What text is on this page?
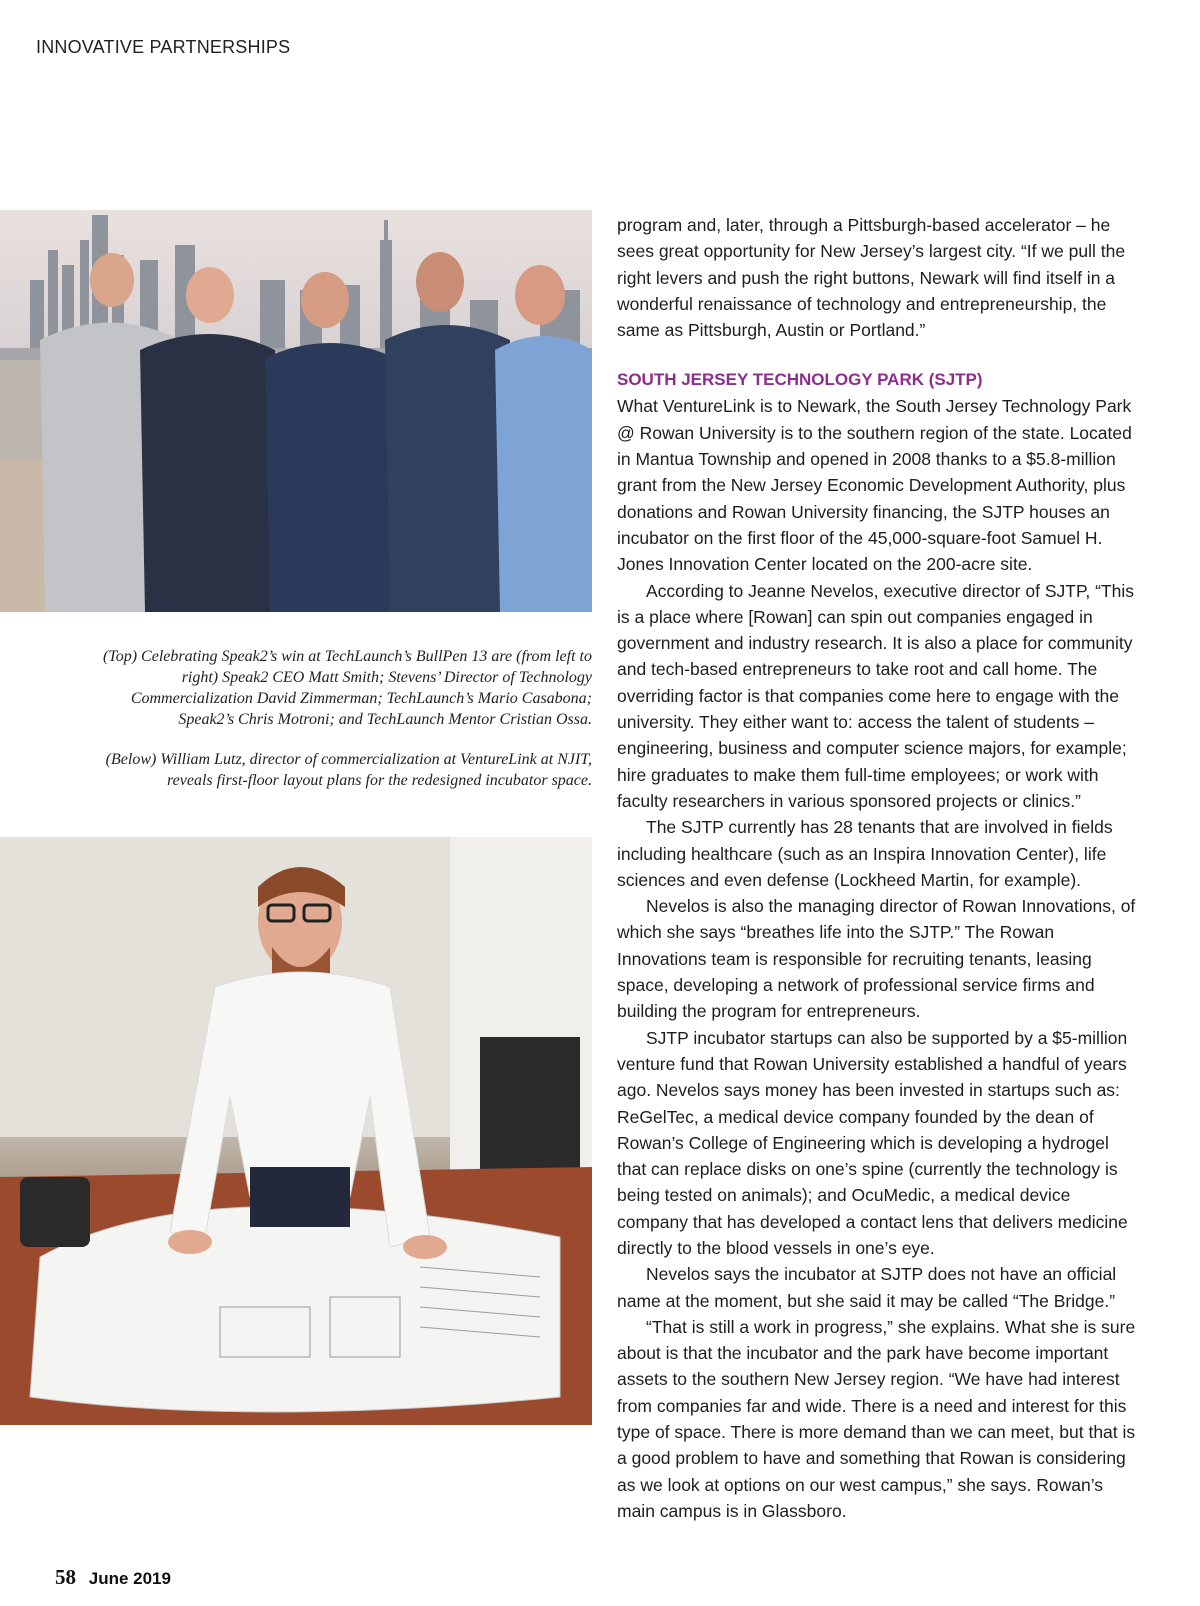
INNOVATIVE PARTNERSHIPS

(Top) Celebrating Speak2’s win at TechLaunch’s BullPen 13 are (from left to right) Speak2 CEO Matt Smith; Stevens’ Director of Technology Commercialization David Zimmerman; TechLaunch’s Mario Casabona; Speak2’s Chris Motroni; and TechLaunch Mentor Cristian Ossa.

(Below) William Lutz, director of commercialization at VentureLink at NJIT, reveals first-floor layout plans for the redesigned incubator space.

program and, later, through a Pittsburgh-based accelerator – he sees great opportunity for New Jersey’s largest city. “If we pull the right levers and push the right buttons, Newark will find itself in a wonderful renaissance of technology and entrepreneurship, the same as Pittsburgh, Austin or Portland.”

SOUTH JERSEY TECHNOLOGY PARK (SJTP)

What VentureLink is to Newark, the South Jersey Technology Park @ Rowan University is to the southern region of the state. Located in Mantua Township and opened in 2008 thanks to a $5.8-million grant from the New Jersey Economic Development Authority, plus donations and Rowan University financing, the SJTP houses an incubator on the first floor of the 45,000-square-foot Samuel H. Jones Innovation Center located on the 200-acre site.

According to Jeanne Nevelos, executive director of SJTP, “This is a place where [Rowan] can spin out companies engaged in government and industry research. It is also a place for community and tech-based entrepreneurs to take root and call home. The overriding factor is that companies come here to engage with the university. They either want to: access the talent of students – engineering, business and computer science majors, for example; hire graduates to make them full-time employees; or work with faculty researchers in various sponsored projects or clinics.”

The SJTP currently has 28 tenants that are involved in fields including healthcare (such as an Inspira Innovation Center), life sciences and even defense (Lockheed Martin, for example).

Nevelos is also the managing director of Rowan Innovations, of which she says “breathes life into the SJTP.” The Rowan Innovations team is responsible for recruiting tenants, leasing space, developing a network of professional service firms and building the program for entrepreneurs.

SJTP incubator startups can also be supported by a $5-million venture fund that Rowan University established a handful of years ago. Nevelos says money has been invested in startups such as: ReGelTec, a medical device company founded by the dean of Rowan’s College of Engineering which is developing a hydrogel that can replace disks on one’s spine (currently the technology is being tested on animals); and OcuMedic, a medical device company that has developed a contact lens that delivers medicine directly to the blood vessels in one’s eye.

Nevelos says the incubator at SJTP does not have an official name at the moment, but she said it may be called “The Bridge.”

“That is still a work in progress,” she explains. What she is sure about is that the incubator and the park have become important assets to the southern New Jersey region. “We have had interest from companies far and wide. There is a need and interest for this type of space. There is more demand than we can meet, but that is a good problem to have and something that Rowan is considering as we look at options on our west campus,” she says. Rowan’s main campus is in Glassboro.

58 June 2019
